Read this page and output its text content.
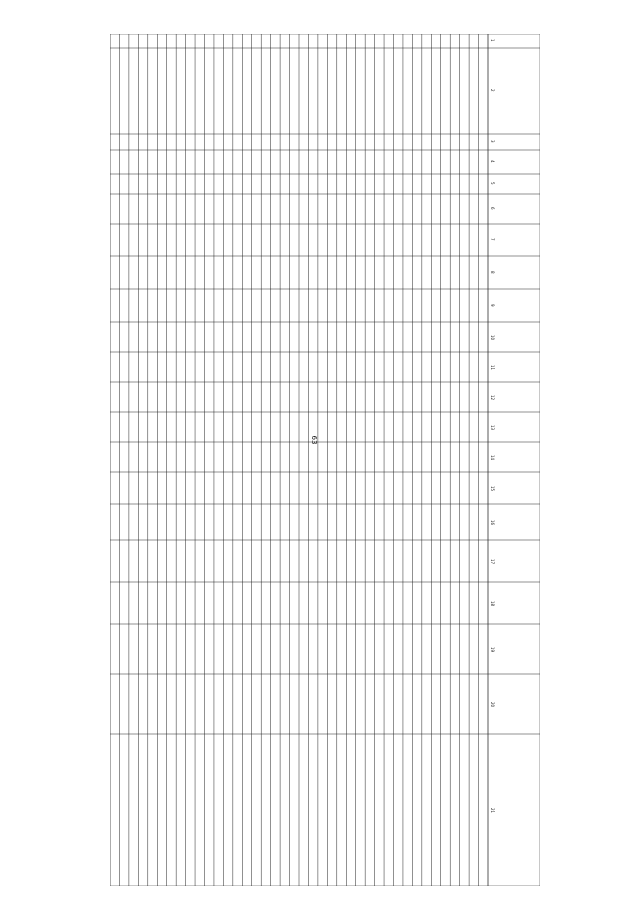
63
1
2
3
4
5
6
7
8
9
10
11
12
13
14
15
16
17
18
19
20
21
